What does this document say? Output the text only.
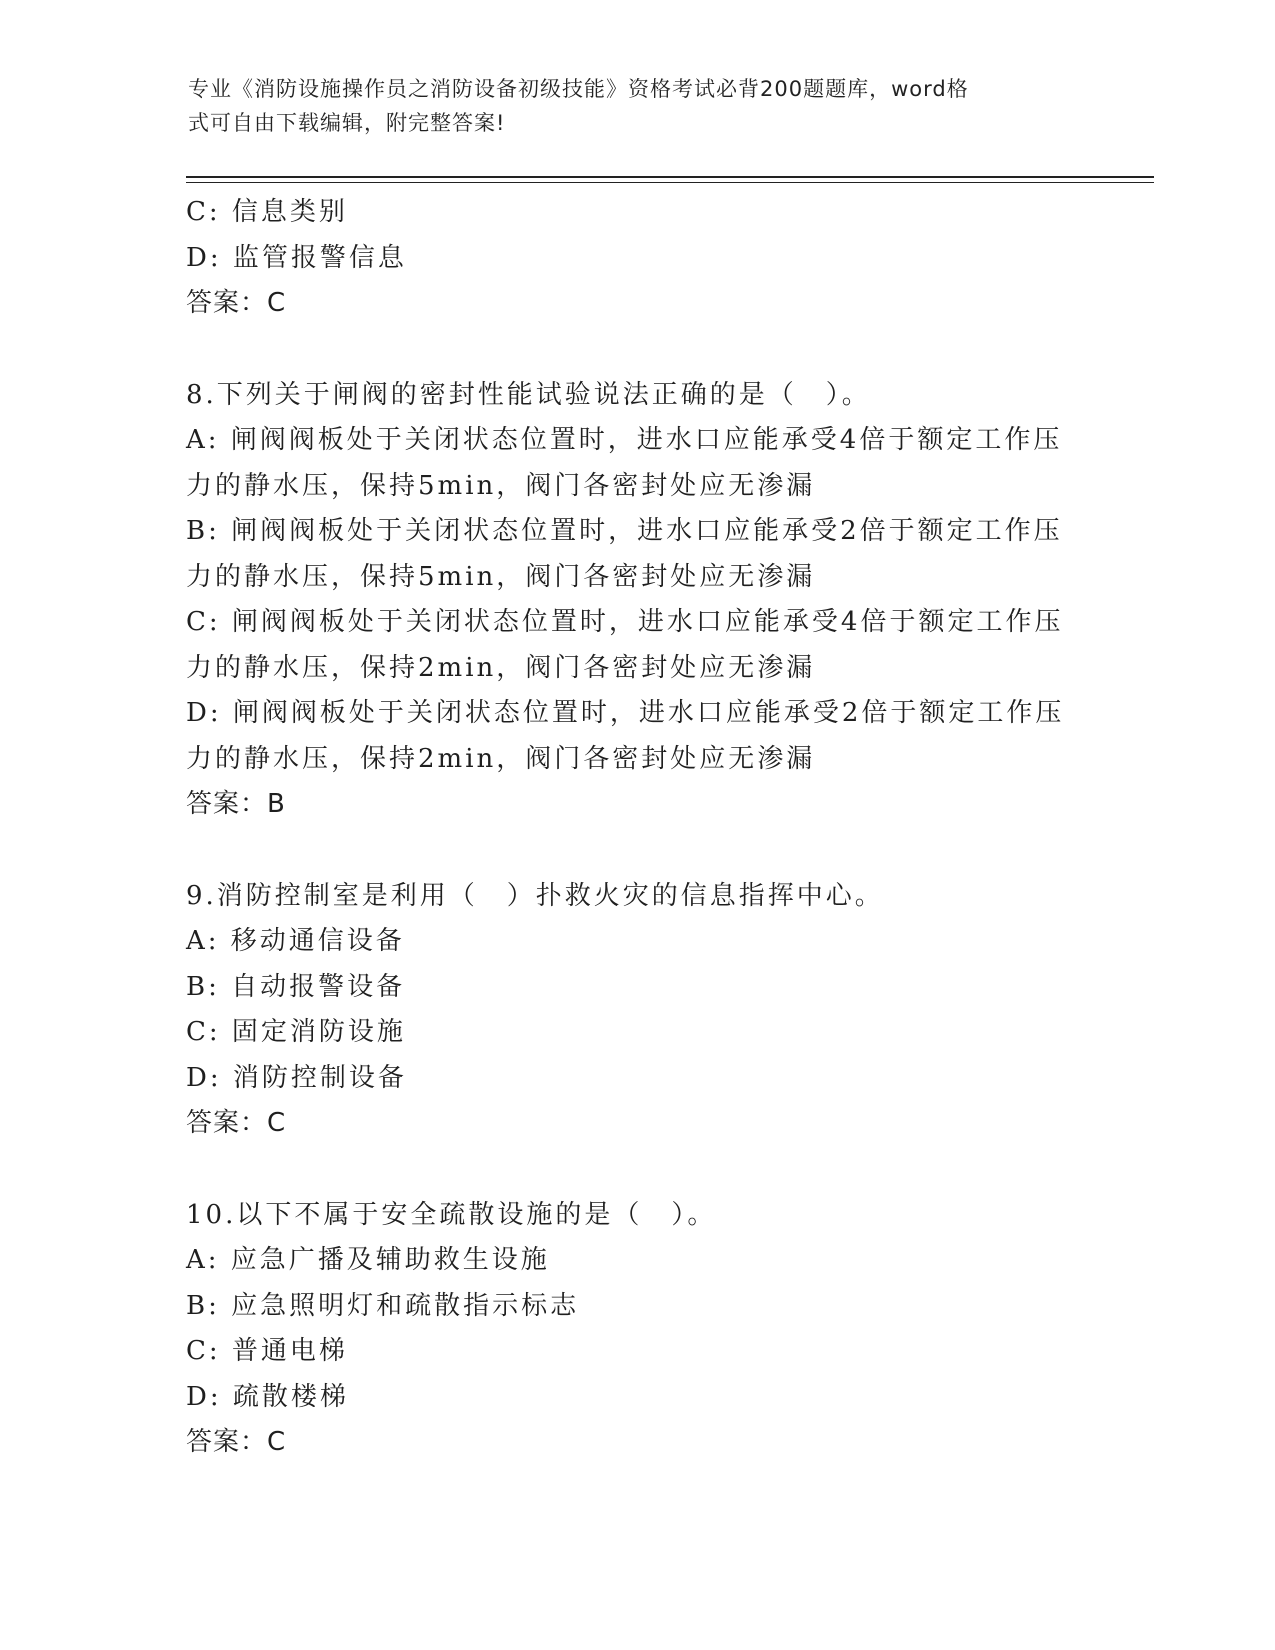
专业《消防设施操作员之消防设备初级技能》资格考试必背200题题库，word格
式可自由下载编辑，附完整答案!
C: 信息类别
D: 监管报警信息
答案：C
8.下列关于闸阀的密封性能试验说法正确的是（　）。
A: 闸阀阀板处于关闭状态位置时，进水口应能承受4倍于额定工作压
力的静水压，保持5min，阀门各密封处应无渗漏
B: 闸阀阀板处于关闭状态位置时，进水口应能承受2倍于额定工作压
力的静水压，保持5min，阀门各密封处应无渗漏
C: 闸阀阀板处于关闭状态位置时，进水口应能承受4倍于额定工作压
力的静水压，保持2min，阀门各密封处应无渗漏
D: 闸阀阀板处于关闭状态位置时，进水口应能承受2倍于额定工作压
力的静水压，保持2min，阀门各密封处应无渗漏
答案：B
9.消防控制室是利用（　）扑救火灾的信息指挥中心。
A: 移动通信设备
B: 自动报警设备
C: 固定消防设施
D: 消防控制设备
答案：C
10.以下不属于安全疏散设施的是（　）。
A: 应急广播及辅助救生设施
B: 应急照明灯和疏散指示标志
C: 普通电梯
D: 疏散楼梯
答案：C
